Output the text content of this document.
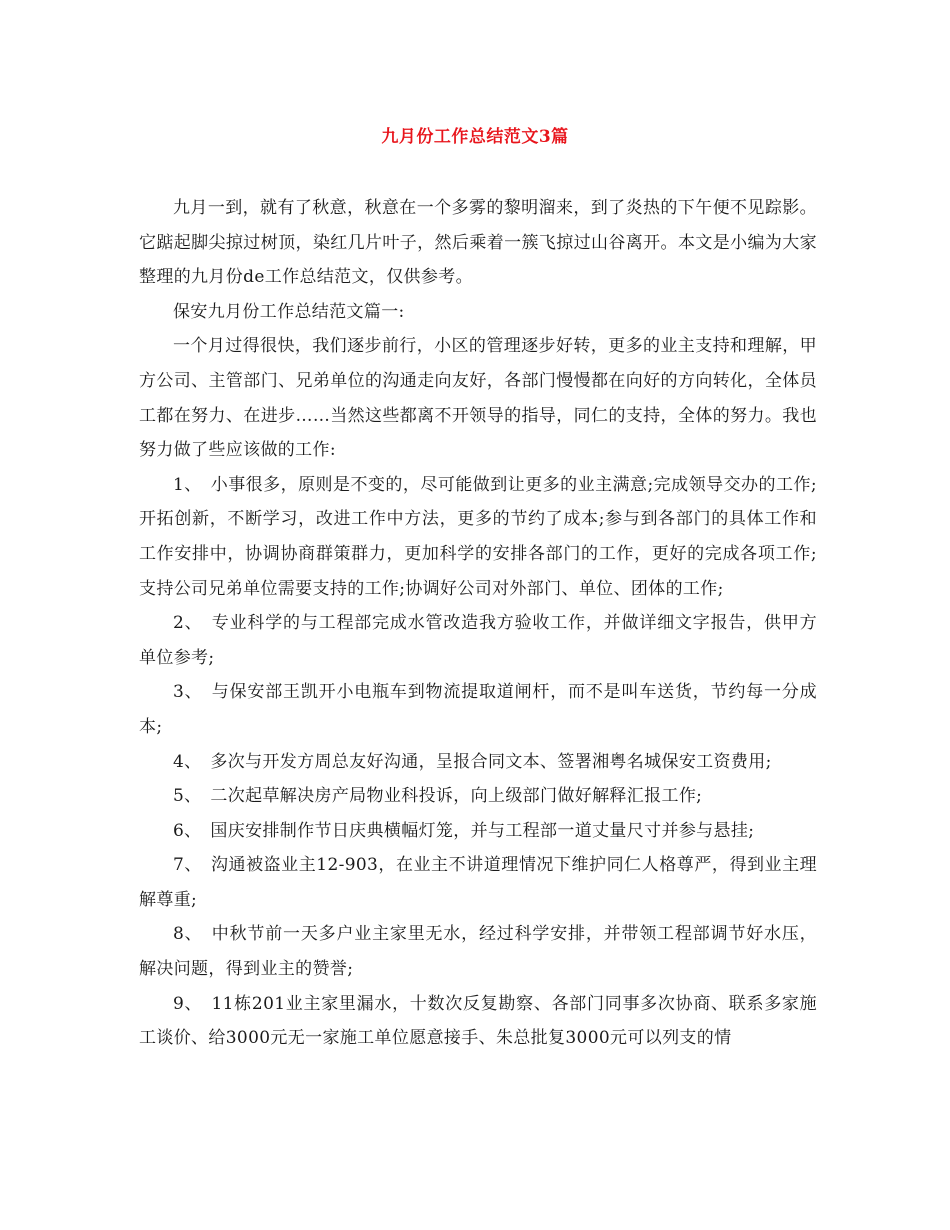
九月份工作总结范文3篇

九月一到，就有了秋意，秋意在一个多雾的黎明溜来，到了炎热的下午便不见踪影。它踮起脚尖掠过树顶，染红几片叶子，然后乘着一簇飞掠过山谷离开。本文是小编为大家整理的九月份de工作总结范文，仅供参考。

保安九月份工作总结范文篇一:

一个月过得很快，我们逐步前行，小区的管理逐步好转，更多的业主支持和理解，甲方公司、主管部门、兄弟单位的沟通走向友好，各部门慢慢都在向好的方向转化，全体员工都在努力、在进步……当然这些都离不开领导的指导，同仁的支持，全体的努力。我也努力做了些应该做的工作:

1、　小事很多，原则是不变的，尽可能做到让更多的业主满意;完成领导交办的工作;开拓创新，不断学习，改进工作中方法，更多的节约了成本;参与到各部门的具体工作和工作安排中，协调协商群策群力，更加科学的安排各部门的工作，更好的完成各项工作;支持公司兄弟单位需要支持的工作;协调好公司对外部门、单位、团体的工作;

2、　专业科学的与工程部完成水管改造我方验收工作，并做详细文字报告，供甲方单位参考;

3、　与保安部王凯开小电瓶车到物流提取道闸杆，而不是叫车送货，节约每一分成本;

4、　多次与开发方周总友好沟通，呈报合同文本、签署湘粤名城保安工资费用;

5、　二次起草解决房产局物业科投诉，向上级部门做好解释汇报工作;

6、　国庆安排制作节日庆典横幅灯笼，并与工程部一道丈量尺寸并参与悬挂;

7、　沟通被盗业主12-903，在业主不讲道理情况下维护同仁人格尊严，得到业主理解尊重;

8、　中秋节前一天多户业主家里无水，经过科学安排，并带领工程部调节好水压，解决问题，得到业主的赞誉;

9、　11栋201业主家里漏水，十数次反复勘察、各部门同事多次协商、联系多家施工谈价、给3000元无一家施工单位愿意接手、朱总批复3000元可以列支的情
